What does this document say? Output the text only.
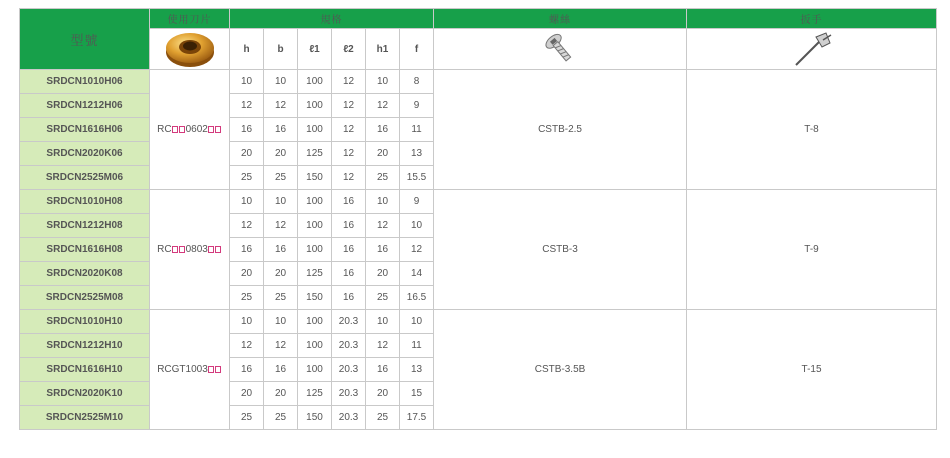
型號	使用刀片	規格						螺絲	扳手

	h	b	ℓ1	ℓ2	h1	f	

SRDCN1010H06	RC 0602	10	10	100	12	10	8	CSTB-2.5	T-8
SRDCN1212H06		12	12	100	12	12	9		
SRDCN1616H06		16	16	100	12	16	11		
SRDCN2020K06		20	20	125	12	20	13		
SRDCN2525M06		25	25	150	12	25	15.5		
SRDCN1010H08	RC 0803	10	10	100	16	10	9	CSTB-3	T-9
SRDCN1212H08		12	12	100	16	12	10		
SRDCN1616H08		16	16	100	16	16	12		
SRDCN2020K08		20	20	125	16	20	14		
SRDCN2525M08		25	25	150	16	25	16.5		
SRDCN1010H10	RCGT1003	10	10	100	20.3	10	10	CSTB-3.5B	T-15
SRDCN1212H10		12	12	100	20.3	12	11		
SRDCN1616H10		16	16	100	20.3	16	13		
SRDCN2020K10		20	20	125	20.3	20	15		
SRDCN2525M10		25	25	150	20.3	25	17.5		
